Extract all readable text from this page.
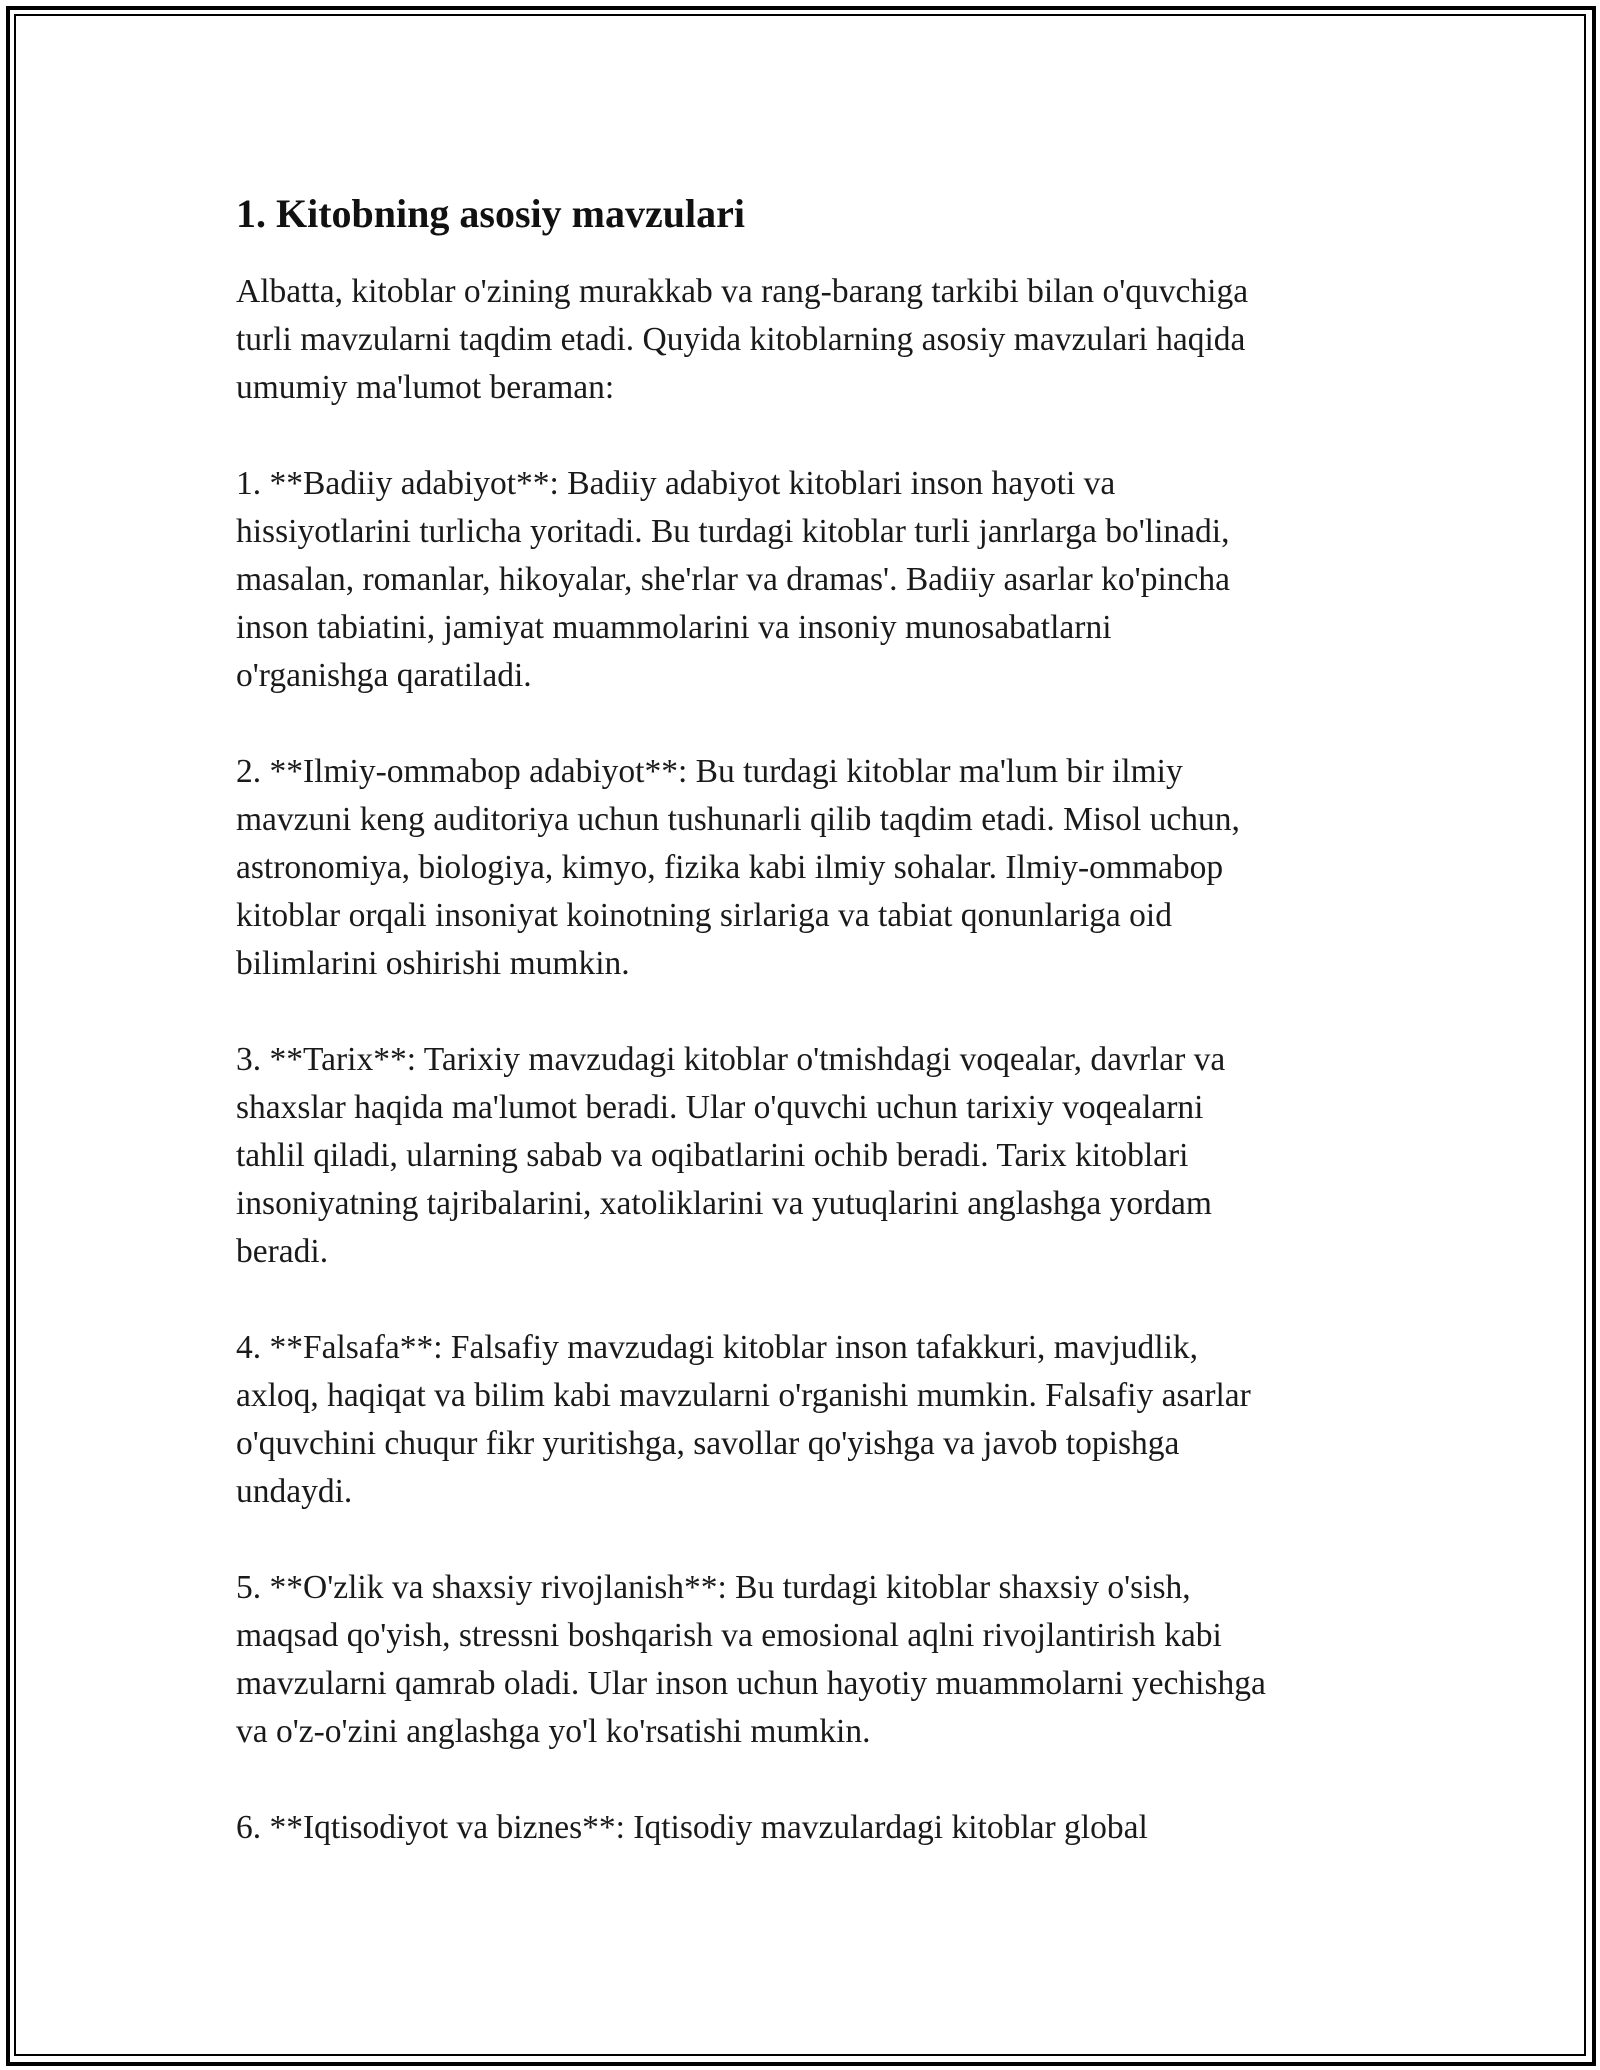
1. Kitobning asosiy mavzulari
Albatta, kitoblar o'zining murakkab va rang-barang tarkibi bilan o'quvchiga
turli mavzularni taqdim etadi. Quyida kitoblarning asosiy mavzulari haqida
umumiy ma'lumot beraman:
1. **Badiiy adabiyot**: Badiiy adabiyot kitoblari inson hayoti va
hissiyotlarini turlicha yoritadi. Bu turdagi kitoblar turli janrlarga bo'linadi,
masalan, romanlar, hikoyalar, she'rlar va dramas'. Badiiy asarlar ko'pincha
inson tabiatini, jamiyat muammolarini va insoniy munosabatlarni
o'rganishga qaratiladi.
2. **Ilmiy-ommabop adabiyot**: Bu turdagi kitoblar ma'lum bir ilmiy
mavzuni keng auditoriya uchun tushunarli qilib taqdim etadi. Misol uchun,
astronomiya, biologiya, kimyo, fizika kabi ilmiy sohalar. Ilmiy-ommabop
kitoblar orqali insoniyat koinotning sirlariga va tabiat qonunlariga oid
bilimlarini oshirishi mumkin.
3. **Tarix**: Tarixiy mavzudagi kitoblar o'tmishdagi voqealar, davrlar va
shaxslar haqida ma'lumot beradi. Ular o'quvchi uchun tarixiy voqealarni
tahlil qiladi, ularning sabab va oqibatlarini ochib beradi. Tarix kitoblari
insoniyatning tajribalarini, xatoliklarini va yutuqlarini anglashga yordam
beradi.
4. **Falsafa**: Falsafiy mavzudagi kitoblar inson tafakkuri, mavjudlik,
axloq, haqiqat va bilim kabi mavzularni o'rganishi mumkin. Falsafiy asarlar
o'quvchini chuqur fikr yuritishga, savollar qo'yishga va javob topishga
undaydi.
5. **O'zlik va shaxsiy rivojlanish**: Bu turdagi kitoblar shaxsiy o'sish,
maqsad qo'yish, stressni boshqarish va emosional aqlni rivojlantirish kabi
mavzularni qamrab oladi. Ular inson uchun hayotiy muammolarni yechishga
va o'z-o'zini anglashga yo'l ko'rsatishi mumkin.
6. **Iqtisodiyot va biznes**: Iqtisodiy mavzulardagi kitoblar global
